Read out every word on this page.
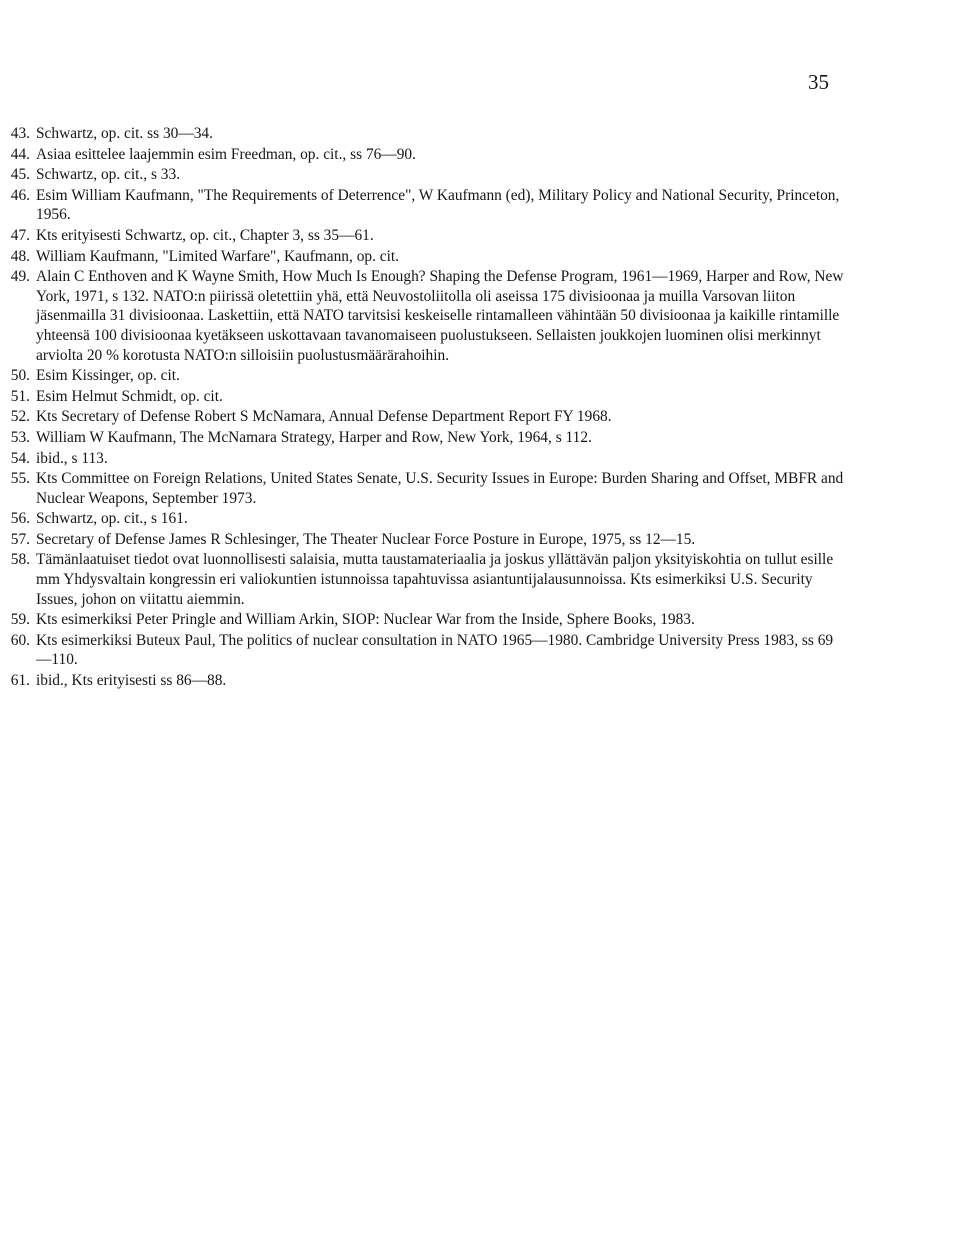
35
43. Schwartz, op. cit. ss 30—34.
44. Asiaa esittelee laajemmin esim Freedman, op. cit., ss 76—90.
45. Schwartz, op. cit., s 33.
46. Esim William Kaufmann, "The Requirements of Deterrence", W Kaufmann (ed), Military Policy and National Security, Princeton, 1956.
47. Kts erityisesti Schwartz, op. cit., Chapter 3, ss 35—61.
48. William Kaufmann, "Limited Warfare", Kaufmann, op. cit.
49. Alain C Enthoven and K Wayne Smith, How Much Is Enough? Shaping the Defense Program, 1961—1969, Harper and Row, New York, 1971, s 132. NATO:n piirissä oletettiin yhä, että Neuvostoliitolla oli aseissa 175 divisioonaa ja muilla Varsovan liiton jäsenmailla 31 divisioonaa. Laskettiin, että NATO tarvitsisi keskeiselle rintamalleen vähintään 50 divisioonaa ja kaikille rintamille yhteensä 100 divisioonaa kyetäkseen uskottavaan tavanomaiseen puolustukseen. Sellaisten joukkojen luominen olisi merkinnyt arviolta 20 % korotusta NATO:n silloisiin puolustusmäärärahoihin.
50. Esim Kissinger, op. cit.
51. Esim Helmut Schmidt, op. cit.
52. Kts Secretary of Defense Robert S McNamara, Annual Defense Department Report FY 1968.
53. William W Kaufmann, The McNamara Strategy, Harper and Row, New York, 1964, s 112.
54. ibid., s 113.
55. Kts Committee on Foreign Relations, United States Senate, U.S. Security Issues in Europe: Burden Sharing and Offset, MBFR and Nuclear Weapons, September 1973.
56. Schwartz, op. cit., s 161.
57. Secretary of Defense James R Schlesinger, The Theater Nuclear Force Posture in Europe, 1975, ss 12—15.
58. Tämänlaatuiset tiedot ovat luonnollisesti salaisia, mutta taustamateriaalia ja joskus yllättävän paljon yksityiskohtia on tullut esille mm Yhdysvaltain kongressin eri valiokuntien istunnoissa tapahtuvissa asiantuntijalausunnoissa. Kts esimerkiksi U.S. Security Issues, johon on viitattu aiemmin.
59. Kts esimerkiksi Peter Pringle and William Arkin, SIOP: Nuclear War from the Inside, Sphere Books, 1983.
60. Kts esimerkiksi Buteux Paul, The politics of nuclear consultation in NATO 1965—1980. Cambridge University Press 1983, ss 69—110.
61. ibid., Kts erityisesti ss 86—88.
